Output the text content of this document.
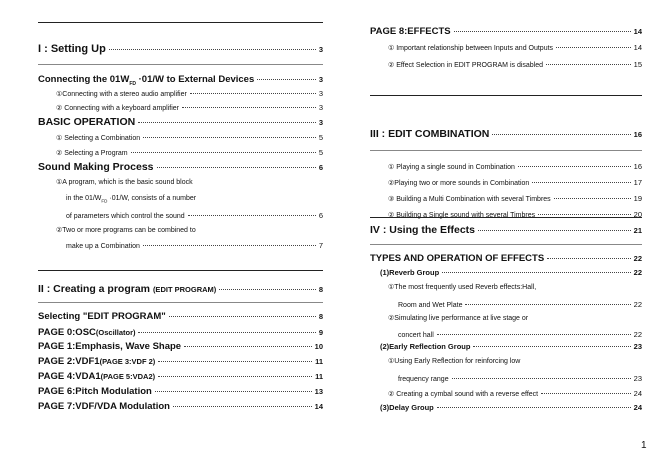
I : Setting Up	3
Connecting the $01W_{FD} \cdot 01/W$ to External Devices	3
①Connecting with a stereo audio amplifier	3
② Connecting with a keyboard amplifier	3
BASIC OPERATION	3
① Selecting a Combination	5
② Selecting a Program	5
Sound Making Process	6
①A program, which is the basic sound block
in the $01/W_{FD} \cdot 01/W$, consists of a number
of parameters which control the sound	6
②Two or more programs can be combined to
make up a Combination	7
II : Creating a program (EDIT PROGRAM)	8
Selecting "EDIT PROGRAM"	8
PAGE 0:OSC(Oscillator)	9
PAGE 1:Emphasis, Wave Shape	10
PAGE 2:VDF1(PAGE 3:VDF 2)	11
PAGE 4:VDA1(PAGE 5:VDA2)	11
PAGE 6:Pitch Modulation	13
PAGE 7:VDF/VDA Modulation	14
PAGE 8:EFFECTS	14
① Important relationship between Inputs and Outputs	14
② Effect Selection in EDIT PROGRAM is disabled	15
III : EDIT COMBINATION	16
① Playing a single sound in Combination	16
②Playing two or more sounds in Combination	17
③ Building a Multi Combination with several Timbres	19
② Building a Single sound with several Timbres	20
IV : Using the Effects	21
TYPES AND OPERATION OF EFFECTS	22
(1)Reverb Group	22
①The most frequently used Reverb effects:Hall,
Room and Wet Plate	22
②Simulating live performance at live stage or
concert hall	22
(2)Early Reflection Group	23
①Using Early Reflection for reinforcing low
frequency range	23
② Creating a cymbal sound with a reverse effect	24
(3)Delay Group	24
1
